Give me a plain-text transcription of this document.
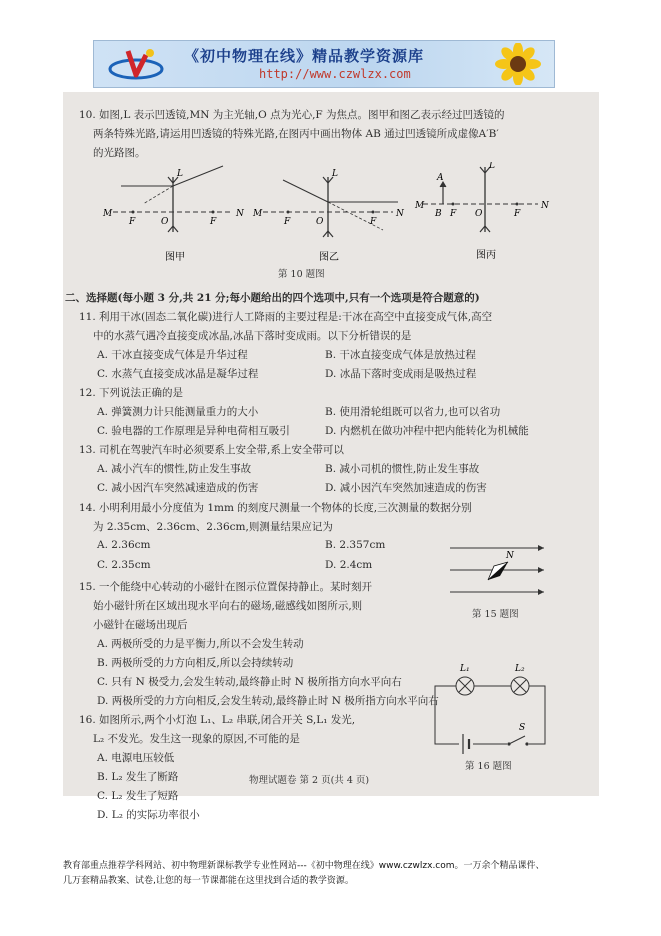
《初中物理在线》精品教学资源库
http://www.czwlzx.com
10. 如图,L 表示凹透镜,MN 为主光轴,O 点为光心,F 为焦点。图甲和图乙表示经过凹透镜的
两条特殊光路,请运用凹透镜的特殊光路,在图丙中画出物体 AB 通过凹透镜所成虚像A′B′
的光路图。
M	N
L
O
F	F
图甲
M	N
L
O
F	F
图乙
A
B
M	N
L
O
F	F
图丙
第 10 题图
二、选择题(每小题 3 分,共 21 分;每小题给出的四个选项中,只有一个选项是符合题意的)
11. 利用干冰(固态二氧化碳)进行人工降雨的主要过程是:干冰在高空中直接变成气体,高空
中的水蒸气遇冷直接变成冰晶,冰晶下落时变成雨。以下分析错误的是
A. 干冰直接变成气体是升华过程	B. 干冰直接变成气体是放热过程
C. 水蒸气直接变成冰晶是凝华过程	D. 冰晶下落时变成雨是吸热过程
12. 下列说法正确的是
A. 弹簧测力计只能测量重力的大小	B. 使用滑轮组既可以省力,也可以省功
C. 验电器的工作原理是异种电荷相互吸引	D. 内燃机在做功冲程中把内能转化为机械能
13. 司机在驾驶汽车时必须要系上安全带,系上安全带可以
A. 减小汽车的惯性,防止发生事故	B. 减小司机的惯性,防止发生事故
C. 减小因汽车突然减速造成的伤害	D. 减小因汽车突然加速造成的伤害
14. 小明利用最小分度值为 1mm 的刻度尺测量一个物体的长度,三次测量的数据分别
为 2.35cm、2.36cm、2.36cm,则测量结果应记为
A. 2.36cm	B. 2.357cm
C. 2.35cm	D. 2.4cm
15. 一个能绕中心转动的小磁针在图示位置保持静止。某时刻开
始小磁针所在区域出现水平向右的磁场,磁感线如图所示,则
小磁针在磁场出现后
A. 两极所受的力是平衡力,所以不会发生转动
B. 两极所受的力方向相反,所以会持续转动
C. 只有 N 极受力,会发生转动,最终静止时 N 极所指方向水平向右
D. 两极所受的力方向相反,会发生转动,最终静止时 N 极所指方向水平向右
N
第 15 题图
16. 如图所示,两个小灯泡 L₁、L₂ 串联,闭合开关 S,L₁ 发光,
L₂ 不发光。发生这一现象的原因,不可能的是
A. 电源电压较低
B. L₂ 发生了断路
C. L₂ 发生了短路
D. L₂ 的实际功率很小
L₁	L₂
S
第 16 题图
物理试题卷 第 2 页(共 4 页)
教育部重点推荐学科网站、初中物理新课标教学专业性网站---《初中物理在线》www.czwlzx.com。一万余个精品课件、
几万套精品教案、试卷,让您的每一节课都能在这里找到合适的教学资源。
